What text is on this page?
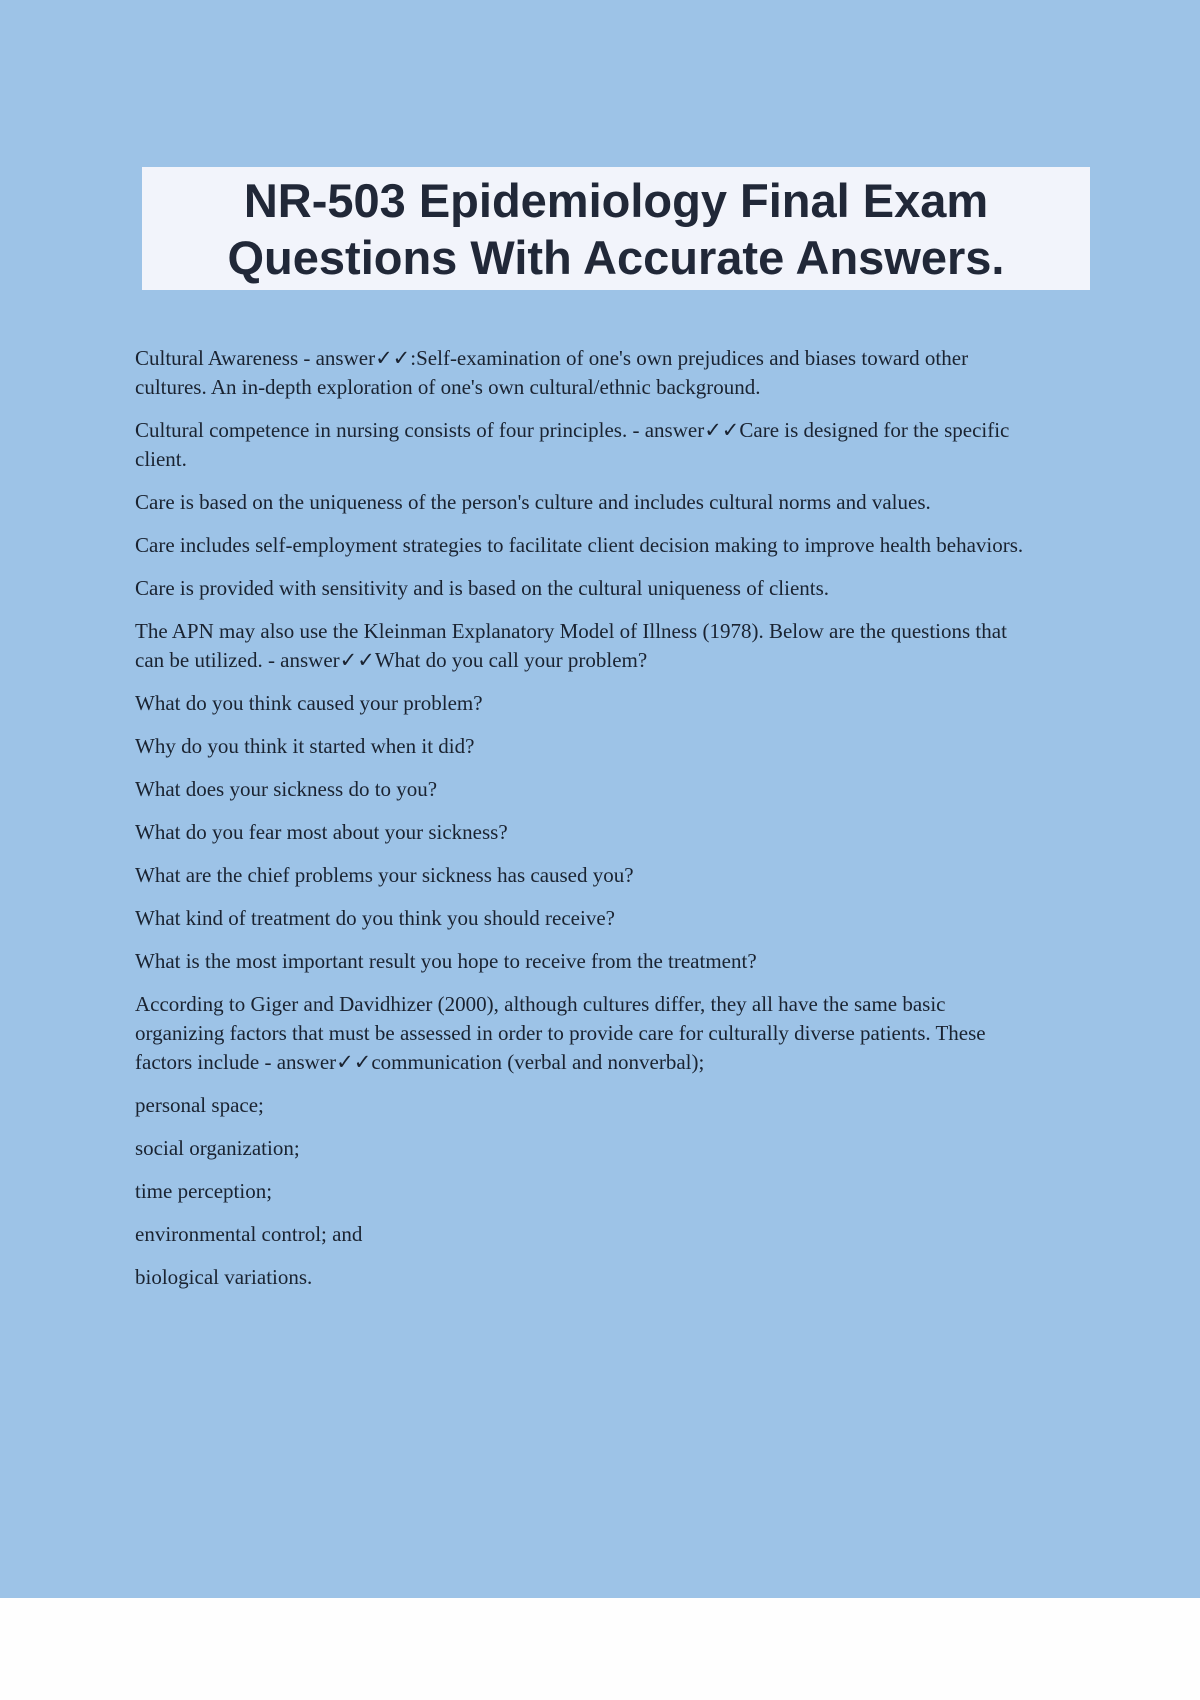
NR-503 Epidemiology Final Exam
Questions With Accurate Answers.

Cultural Awareness - answer✓✓:Self-examination of one's own prejudices and biases toward other cultures. An in-depth exploration of one's own cultural/ethnic background.

Cultural competence in nursing consists of four principles. - answer✓✓Care is designed for the specific client.

Care is based on the uniqueness of the person's culture and includes cultural norms and values.

Care includes self-employment strategies to facilitate client decision making to improve health behaviors.

Care is provided with sensitivity and is based on the cultural uniqueness of clients.

The APN may also use the Kleinman Explanatory Model of Illness (1978). Below are the questions that can be utilized. - answer✓✓What do you call your problem?

What do you think caused your problem?

Why do you think it started when it did?

What does your sickness do to you?

What do you fear most about your sickness?

What are the chief problems your sickness has caused you?

What kind of treatment do you think you should receive?

What is the most important result you hope to receive from the treatment?

According to Giger and Davidhizer (2000), although cultures differ, they all have the same basic organizing factors that must be assessed in order to provide care for culturally diverse patients. These factors include - answer✓✓communication (verbal and nonverbal);

personal space;

social organization;

time perception;

environmental control; and

biological variations.
